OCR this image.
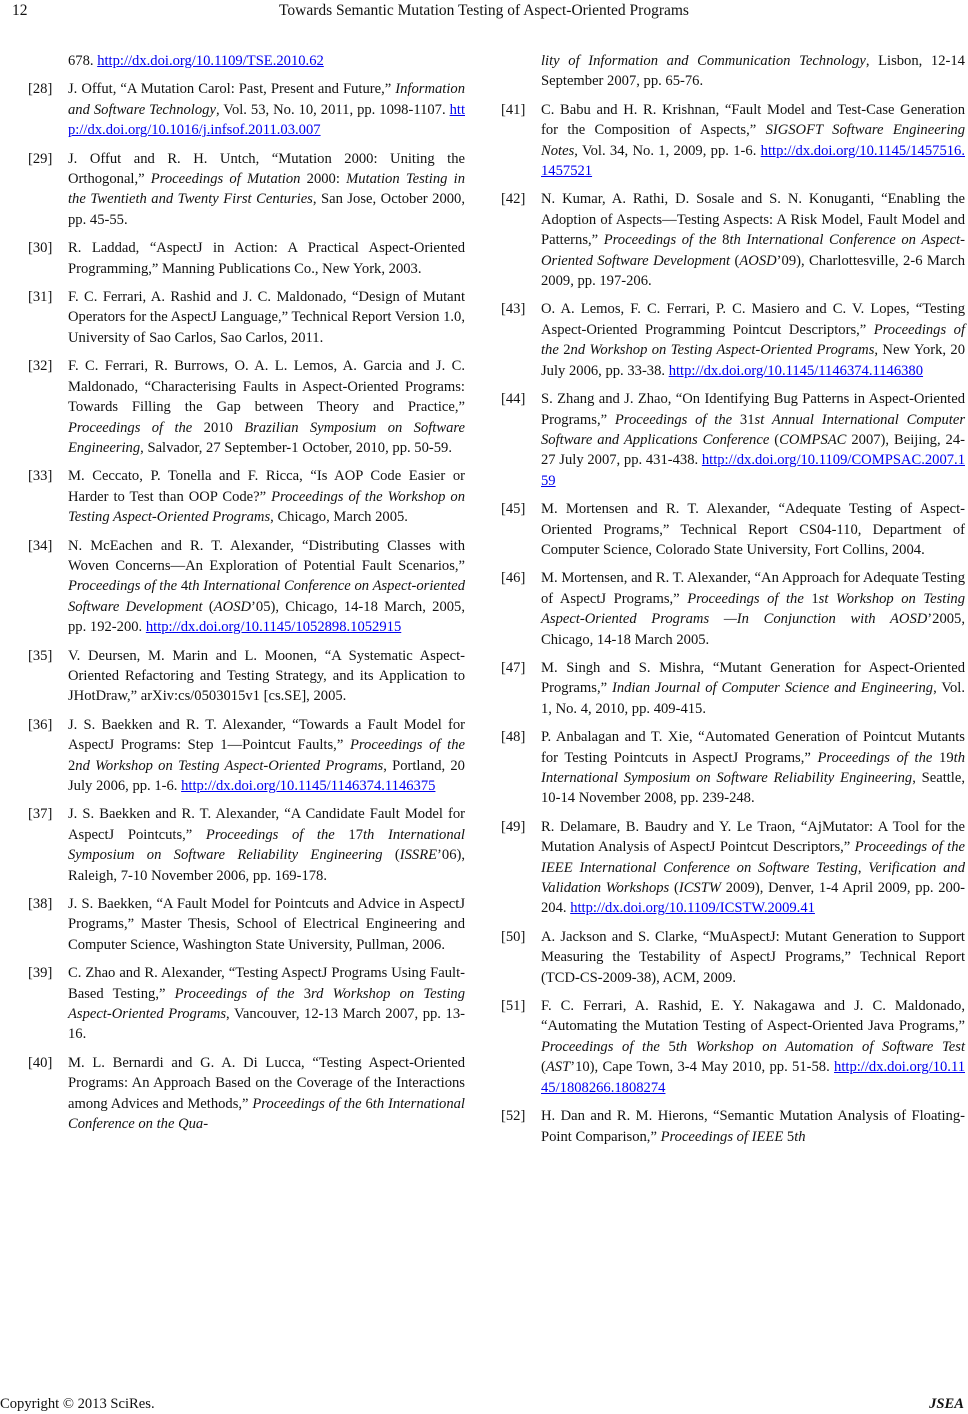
12	Towards Semantic Mutation Testing of Aspect-Oriented Programs
678. http://dx.doi.org/10.1109/TSE.2010.62
[28]	J. Offut, “A Mutation Carol: Past, Present and Future,” Information and Software Technology, Vol. 53, No. 10, 2011, pp. 1098-1107. http://dx.doi.org/10.1016/j.infsof.2011.03.007
[29]	J. Offut and R. H. Untch, “Mutation 2000: Uniting the Orthogonal,” Proceedings of Mutation 2000: Mutation Testing in the Twentieth and Twenty First Centuries, San Jose, October 2000, pp. 45-55.
[30]	R. Laddad, “AspectJ in Action: A Practical Aspect-Oriented Programming,” Manning Publications Co., New York, 2003.
[31]	F. C. Ferrari, A. Rashid and J. C. Maldonado, “Design of Mutant Operators for the AspectJ Language,” Technical Report Version 1.0, University of Sao Carlos, Sao Carlos, 2011.
[32]	F. C. Ferrari, R. Burrows, O. A. L. Lemos, A. Garcia and J. C. Maldonado, “Characterising Faults in Aspect-Oriented Programs: Towards Filling the Gap between Theory and Practice,” Proceedings of the 2010 Brazilian Symposium on Software Engineering, Salvador, 27 September-1 October, 2010, pp. 50-59.
[33]	M. Ceccato, P. Tonella and F. Ricca, “Is AOP Code Easier or Harder to Test than OOP Code?” Proceedings of the Workshop on Testing Aspect-Oriented Programs, Chicago, March 2005.
[34]	N. McEachen and R. T. Alexander, “Distributing Classes with Woven Concerns—An Exploration of Potential Fault Scenarios,” Proceedings of the 4th International Conference on Aspect-oriented Software Development (AOSD’05), Chicago, 14-18 March, 2005, pp. 192-200. http://dx.doi.org/10.1145/1052898.1052915
[35]	V. Deursen, M. Marin and L. Moonen, “A Systematic Aspect-Oriented Refactoring and Testing Strategy, and its Application to JHotDraw,” arXiv:cs/0503015v1 [cs.SE], 2005.
[36]	J. S. Baekken and R. T. Alexander, “Towards a Fault Model for AspectJ Programs: Step 1—Pointcut Faults,” Proceedings of the 2nd Workshop on Testing Aspect-Oriented Programs, Portland, 20 July 2006, pp. 1-6. http://dx.doi.org/10.1145/1146374.1146375
[37]	J. S. Baekken and R. T. Alexander, “A Candidate Fault Model for AspectJ Pointcuts,” Proceedings of the 17th International Symposium on Software Reliability Engineering (ISSRE’06), Raleigh, 7-10 November 2006, pp. 169-178.
[38]	J. S. Baekken, “A Fault Model for Pointcuts and Advice in AspectJ Programs,” Master Thesis, School of Electrical Engineering and Computer Science, Washington State University, Pullman, 2006.
[39]	C. Zhao and R. Alexander, “Testing AspectJ Programs Using Fault-Based Testing,” Proceedings of the 3rd Workshop on Testing Aspect-Oriented Programs, Vancouver, 12-13 March 2007, pp. 13-16.
[40]	M. L. Bernardi and G. A. Di Lucca, “Testing Aspect-Oriented Programs: An Approach Based on the Coverage of the Interactions among Advices and Methods,” Proceedings of the 6th International Conference on the Qua-
lity of Information and Communication Technology, Lisbon, 12-14 September 2007, pp. 65-76.
[41]	C. Babu and H. R. Krishnan, “Fault Model and Test-Case Generation for the Composition of Aspects,” SIGSOFT Software Engineering Notes, Vol. 34, No. 1, 2009, pp. 1-6. http://dx.doi.org/10.1145/1457516.1457521
[42]	N. Kumar, A. Rathi, D. Sosale and S. N. Konuganti, “Enabling the Adoption of Aspects—Testing Aspects: A Risk Model, Fault Model and Patterns,” Proceedings of the 8th International Conference on Aspect-Oriented Software Development (AOSD’09), Charlottesville, 2-6 March 2009, pp. 197-206.
[43]	O. A. Lemos, F. C. Ferrari, P. C. Masiero and C. V. Lopes, “Testing Aspect-Oriented Programming Pointcut Descriptors,” Proceedings of the 2nd Workshop on Testing Aspect-Oriented Programs, New York, 20 July 2006, pp. 33-38. http://dx.doi.org/10.1145/1146374.1146380
[44]	S. Zhang and J. Zhao, “On Identifying Bug Patterns in Aspect-Oriented Programs,” Proceedings of the 31st Annual International Computer Software and Applications Conference (COMPSAC 2007), Beijing, 24-27 July 2007, pp. 431-438. http://dx.doi.org/10.1109/COMPSAC.2007.159
[45]	M. Mortensen and R. T. Alexander, “Adequate Testing of Aspect-Oriented Programs,” Technical Report CS04-110, Department of Computer Science, Colorado State University, Fort Collins, 2004.
[46]	M. Mortensen, and R. T. Alexander, “An Approach for Adequate Testing of AspectJ Programs,” Proceedings of the 1st Workshop on Testing Aspect-Oriented Programs —In Conjunction with AOSD’2005, Chicago, 14-18 March 2005.
[47]	M. Singh and S. Mishra, “Mutant Generation for Aspect-Oriented Programs,” Indian Journal of Computer Science and Engineering, Vol. 1, No. 4, 2010, pp. 409-415.
[48]	P. Anbalagan and T. Xie, “Automated Generation of Pointcut Mutants for Testing Pointcuts in AspectJ Programs,” Proceedings of the 19th International Symposium on Software Reliability Engineering, Seattle, 10-14 November 2008, pp. 239-248.
[49]	R. Delamare, B. Baudry and Y. Le Traon, “AjMutator: A Tool for the Mutation Analysis of AspectJ Pointcut Descriptors,” Proceedings of the IEEE International Conference on Software Testing, Verification and Validation Workshops (ICSTW 2009), Denver, 1-4 April 2009, pp. 200-204. http://dx.doi.org/10.1109/ICSTW.2009.41
[50]	A. Jackson and S. Clarke, “MuAspectJ: Mutant Generation to Support Measuring the Testability of AspectJ Programs,” Technical Report (TCD-CS-2009-38), ACM, 2009.
[51]	F. C. Ferrari, A. Rashid, E. Y. Nakagawa and J. C. Maldonado, “Automating the Mutation Testing of Aspect-Oriented Java Programs,” Proceedings of the 5th Workshop on Automation of Software Test (AST’10), Cape Town, 3-4 May 2010, pp. 51-58. http://dx.doi.org/10.1145/1808266.1808274
[52]	H. Dan and R. M. Hierons, “Semantic Mutation Analysis of Floating-Point Comparison,” Proceedings of IEEE 5th
Copyright © 2013 SciRes.	JSEA
